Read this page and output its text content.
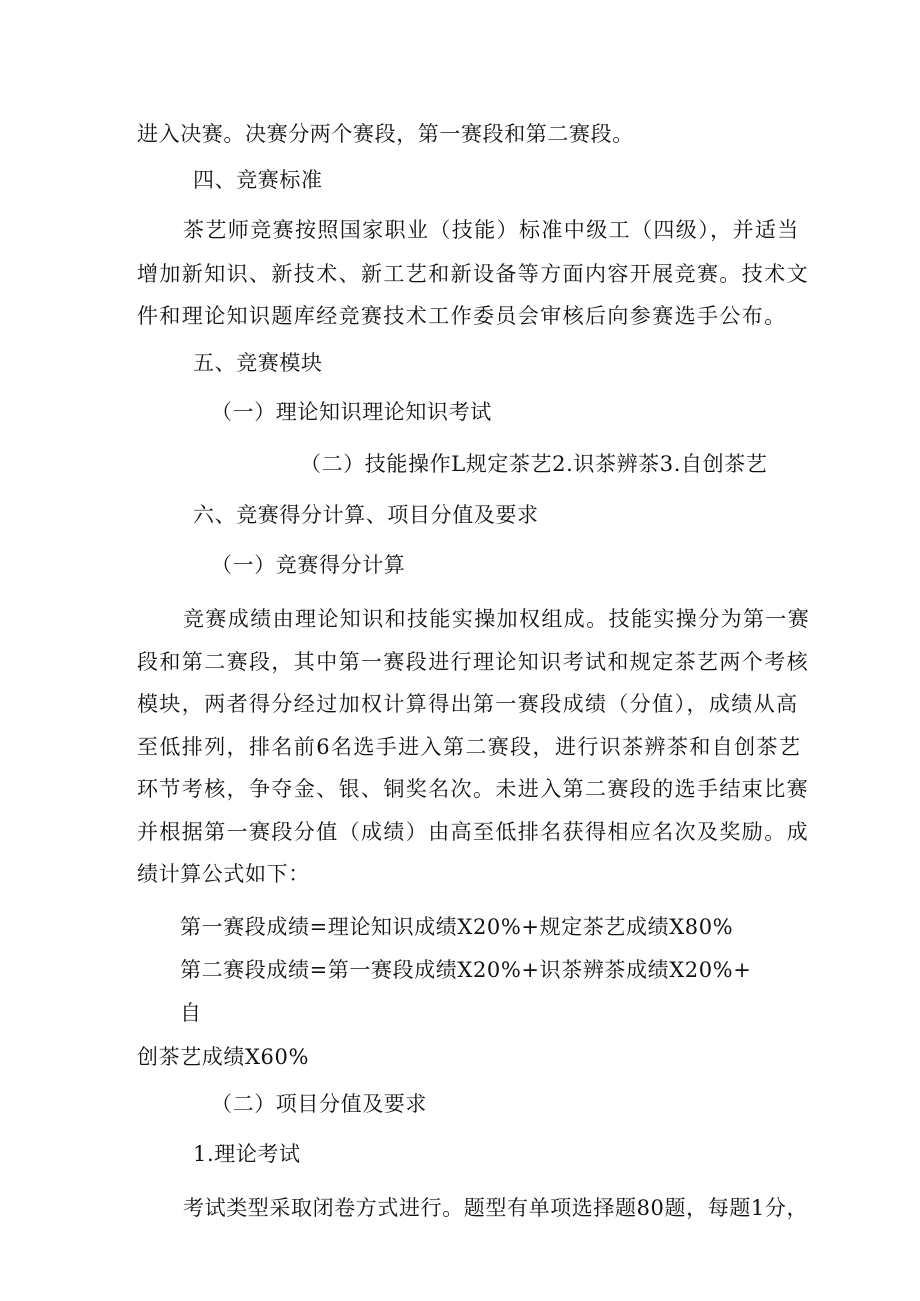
进入决赛。决赛分两个赛段，第一赛段和第二赛段。
四、竞赛标准
茶艺师竞赛按照国家职业（技能）标准中级工（四级），并适当
增加新知识、新技术、新工艺和新设备等方面内容开展竞赛。技术文
件和理论知识题库经竞赛技术工作委员会审核后向参赛选手公布。
五、竞赛模块
（一）理论知识理论知识考试
（二）技能操作L规定茶艺2.识茶辨茶3.自创茶艺
六、竞赛得分计算、项目分值及要求
（一）竞赛得分计算
竞赛成绩由理论知识和技能实操加权组成。技能实操分为第一赛
段和第二赛段，其中第一赛段进行理论知识考试和规定茶艺两个考核
模块，两者得分经过加权计算得出第一赛段成绩（分值），成绩从高
至低排列，排名前6名选手进入第二赛段，进行识茶辨茶和自创茶艺
环节考核，争夺金、银、铜奖名次。未进入第二赛段的选手结束比赛
并根据第一赛段分值（成绩）由高至低排名获得相应名次及奖励。成
绩计算公式如下：
第一赛段成绩=理论知识成绩X20%+规定茶艺成绩X80%
第二赛段成绩=第一赛段成绩X20%+识茶辨茶成绩X20%+
自
创茶艺成绩X60%
（二）项目分值及要求
1.理论考试
考试类型采取闭卷方式进行。题型有单项选择题80题，每题1分，
